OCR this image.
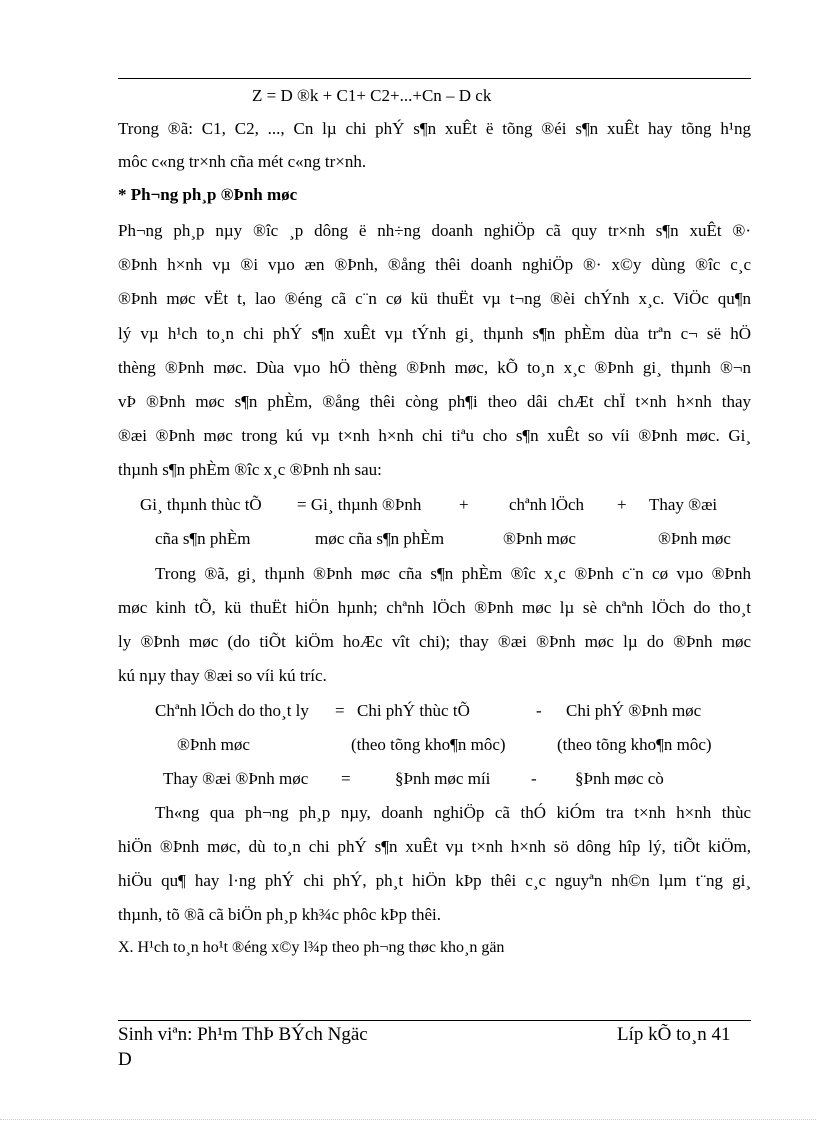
Z = D ®k + C1+ C2+...+Cn – D ck
Trong ®ã: C1, C2, ..., Cn lµ chi phÝ s¶n xuÊt ë tõng ®éi s¶n xuÊt hay tõng h¹ng
môc c«ng tr×nh cña mét c«ng tr×nh.
* Ph¬ng ph¸p ®Þnh møc
Ph¬ng ph¸p nµy ®îc ¸p dông ë nh÷ng doanh nghiÖp cã quy tr×nh s¶n xuÊt ®·
®Þnh h×nh vµ ®i vµo æn ®Þnh, ®ång thêi doanh nghiÖp ®· x©y dùng ®îc c¸c
®Þnh møc vËt t, lao ®éng cã c¨n cø kü thuËt vµ t¬ng ®èi chÝnh x¸c. ViÖc qu¶n
lý vµ h¹ch to¸n chi phÝ s¶n xuÊt vµ tÝnh gi¸ thµnh s¶n phÈm dùa trªn c¬ së hÖ
thèng ®Þnh møc. Dùa vµo hÖ thèng ®Þnh møc, kÕ to¸n x¸c ®Þnh gi¸ thµnh ®¬n
vÞ ®Þnh møc s¶n phÈm, ®ång thêi còng ph¶i theo dâi chÆt chÏ t×nh h×nh thay
®æi ®Þnh møc trong kú vµ t×nh h×nh chi tiªu cho s¶n xuÊt so víi ®Þnh møc. Gi¸
thµnh s¶n phÈm ®îc x¸c ®Þnh nh sau:
Gi¸ thµnh thùc tÕ = Gi¸ thµnh ®Þnh + chªnh lÖch + Thay ®æi
cña s¶n phÈm	møc cña s¶n phÈm	®Þnh møc	®Þnh møc
Trong ®ã, gi¸ thµnh ®Þnh møc cña s¶n phÈm ®îc x¸c ®Þnh c¨n cø vµo ®Þnh
møc kinh tÕ, kü thuËt hiÖn hµnh; chªnh lÖch ®Þnh møc lµ sè chªnh lÖch do tho¸t
ly ®Þnh møc (do tiÕt kiÖm hoÆc vît chi); thay ®æi ®Þnh møc lµ do ®Þnh møc
kú nµy thay ®æi so víi kú tríc.
Chªnh lÖch do tho¸t ly = Chi phÝ thùc tÕ	- Chi phÝ ®Þnh møc
®Þnh møc	(theo tõng kho¶n môc)	(theo tõng kho¶n môc)
Thay ®æi ®Þnh møc =	§Þnh møc míi - §Þnh møc cò
Th«ng qua ph¬ng ph¸p nµy, doanh nghiÖp cã thÓ kiÓm tra t×nh h×nh thùc
hiÖn ®Þnh møc, dù to¸n chi phÝ s¶n xuÊt vµ t×nh h×nh sö dông hîp lý, tiÕt kiÖm,
hiÖu qu¶ hay l·ng phÝ chi phÝ, ph¸t hiÖn kÞp thêi c¸c nguyªn nh©n lµm t¨ng gi¸
thµnh, tõ ®ã cã biÖn ph¸p kh¾c phôc kÞp thêi.
X. H¹ch to¸n ho¹t ®éng x©y l¾p theo ph¬ng thøc kho¸n gän
Sinh viªn: Ph¹m ThÞ BÝch Ngäc
D
Líp kÕ to¸n 41
